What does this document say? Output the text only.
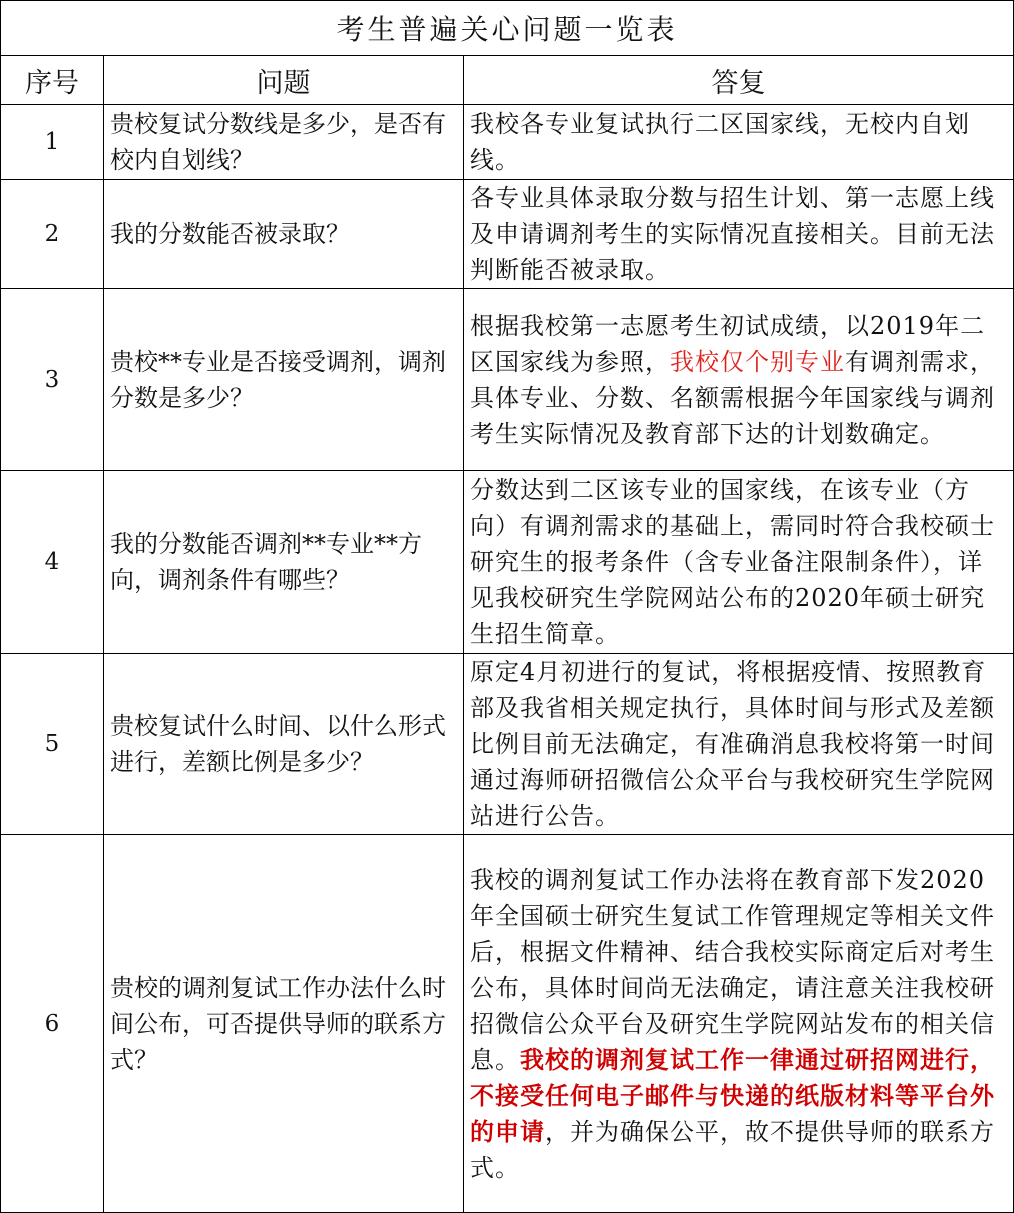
考生普遍关心问题一览表		
序号	问题	答复
1	贵校复试分数线是多少，是否有校内自划线？	我校各专业复试执行二区国家线，无校内自划线。
2	我的分数能否被录取？	各专业具体录取分数与招生计划、第一志愿上线及申请调剂考生的实际情况直接相关。目前无法判断能否被录取。
3	贵校**专业是否接受调剂，调剂分数是多少？	根据我校第一志愿考生初试成绩，以2019年二区国家线为参照，我校仅个别专业有调剂需求，具体专业、分数、名额需根据今年国家线与调剂考生实际情况及教育部下达的计划数确定。
4	我的分数能否调剂**专业**方向，调剂条件有哪些？	分数达到二区该专业的国家线，在该专业（方向）有调剂需求的基础上，需同时符合我校硕士研究生的报考条件（含专业备注限制条件），详见我校研究生学院网站公布的2020年硕士研究生招生简章。
5	贵校复试什么时间、以什么形式进行，差额比例是多少？	原定4月初进行的复试，将根据疫情、按照教育部及我省相关规定执行，具体时间与形式及差额比例目前无法确定，有准确消息我校将第一时间通过海师研招微信公众平台与我校研究生学院网站进行公告。
6	贵校的调剂复试工作办法什么时间公布，可否提供导师的联系方式？	我校的调剂复试工作办法将在教育部下发2020年全国硕士研究生复试工作管理规定等相关文件后，根据文件精神、结合我校实际商定后对考生公布，具体时间尚无法确定，请注意关注我校研招微信公众平台及研究生学院网站发布的相关信息。我校的调剂复试工作一律通过研招网进行，不接受任何电子邮件与快递的纸版材料等平台外的申请，并为确保公平，故不提供导师的联系方式。
